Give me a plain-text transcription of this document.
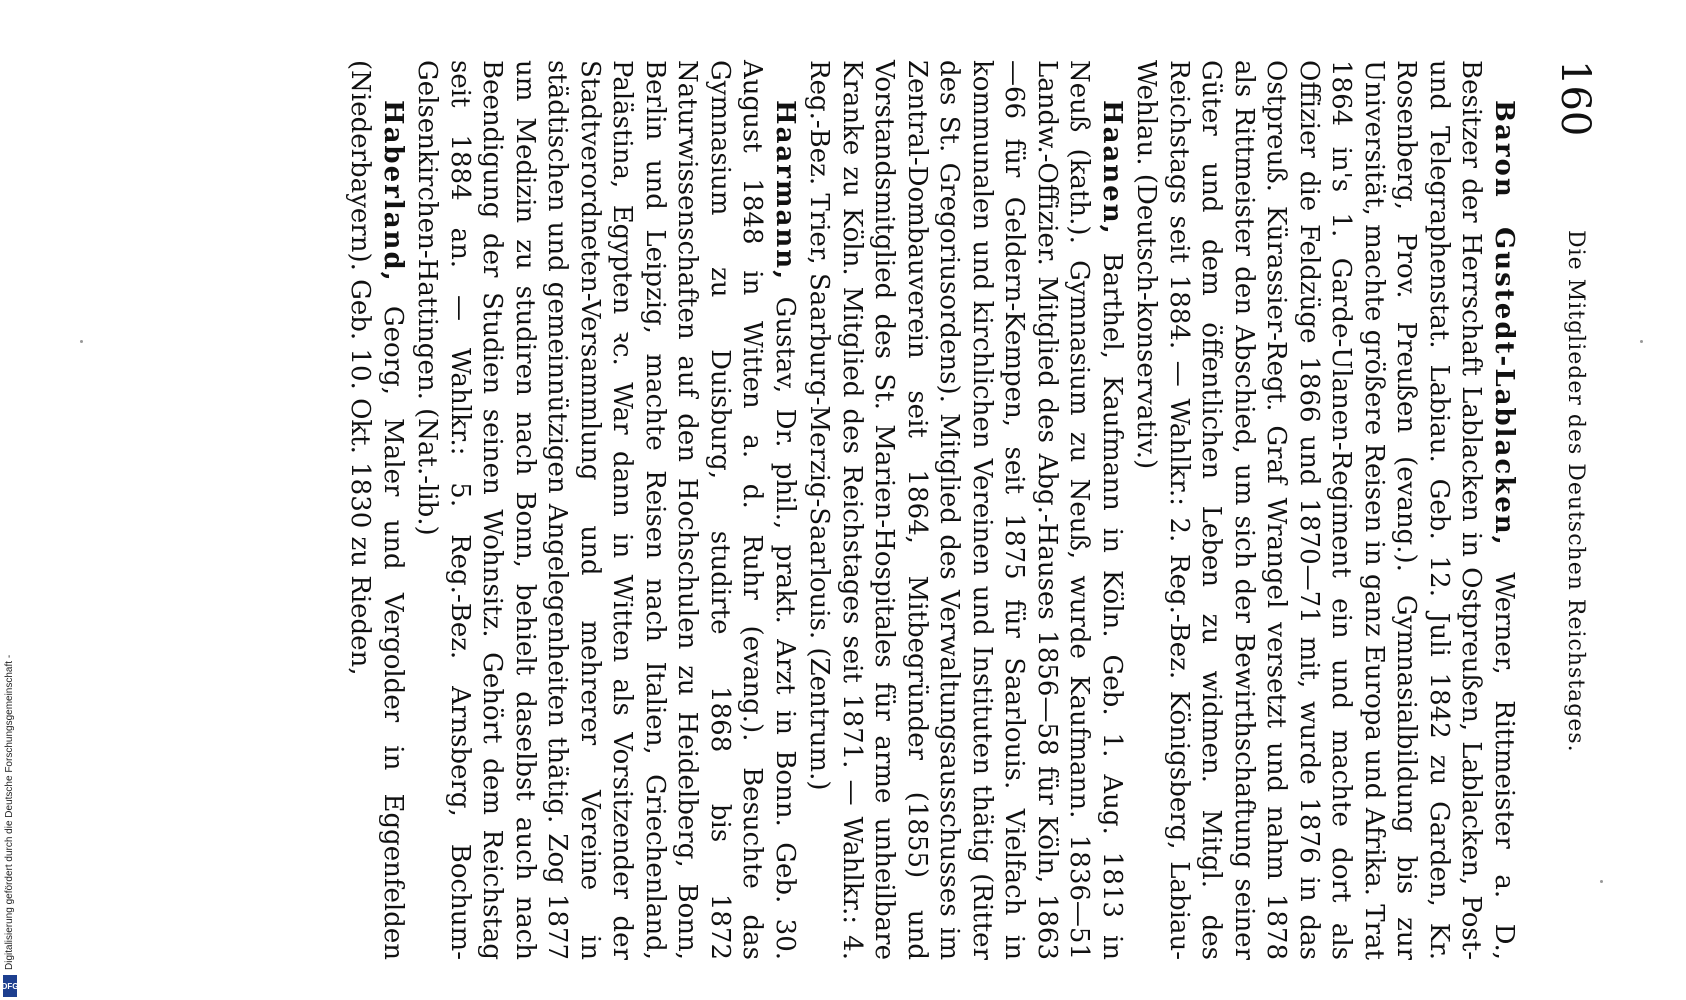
160
Die Mitglieder des Deutschen Reichstages.

Baron Gustedt-Lablacken, Werner, Rittmeister a. D., Besitzer der Herrschaft Lablacken in Ostpreußen, Lablacken, Post- und Telegraphenstat. Labiau. Geb. 12. Juli 1842 zu Garden, Kr. Rosenberg, Prov. Preußen (evang.). Gymnasialbildung bis zur Universität, machte größere Reisen in ganz Europa und Afrika. Trat 1864 in's 1. Garde-Ulanen-Regiment ein und machte dort als Offizier die Feldzüge 1866 und 1870—71 mit, wurde 1876 in das Ostpreuß. Kürassier-Regt. Graf Wrangel versetzt und nahm 1878 als Rittmeister den Abschied, um sich der Bewirthschaftung seiner Güter und dem öffentlichen Leben zu widmen. Mitgl. des Reichstags seit 1884. — Wahlkr.: 2. Reg.-Bez. Königsberg, Labiau-Wehlau. (Deutsch-konservativ.)

Haanen, Barthel, Kaufmann in Köln. Geb. 1. Aug. 1813 in Neuß (kath.). Gymnasium zu Neuß, wurde Kaufmann. 1836—51 Landw.-Offizier. Mitglied des Abg.-Hauses 1856—58 für Köln, 1863—66 für Geldern-Kempen, seit 1875 für Saarlouis. Vielfach in kommunalen und kirchlichen Vereinen und Instituten thätig (Ritter des St. Gregoriusordens). Mitglied des Verwaltungsausschusses im Zentral-Dombauverein seit 1864, Mitbegründer (1855) und Vorstandsmitglied des St. Marien-Hospitales für arme unheilbare Kranke zu Köln. Mitglied des Reichstages seit 1871. — Wahlkr.: 4. Reg.-Bez. Trier, Saarburg-Merzig-Saarlouis. (Zentrum.)

Haarmann, Gustav, Dr. phil., prakt. Arzt in Bonn. Geb. 30. August 1848 in Witten a. d. Ruhr (evang.). Besuchte das Gymnasium zu Duisburg, studirte 1868 bis 1872 Naturwissenschaften auf den Hochschulen zu Heidelberg, Bonn, Berlin und Leipzig, machte Reisen nach Italien, Griechenland, Palästina, Egypten ꝛc. War dann in Witten als Vorsitzender der Stadtverordneten-Versammlung und mehrerer Vereine in städtischen und gemeinnützigen Angelegenheiten thätig. Zog 1877 um Medizin zu studiren nach Bonn, behielt daselbst auch nach Beendigung der Studien seinen Wohnsitz. Gehört dem Reichstag seit 1884 an. — Wahlkr.: 5. Reg.-Bez. Arnsberg, Bochum-Gelsenkirchen-Hattingen. (Nat.-lib.)

Haberland, Georg, Maler und Vergolder in Eggenfelden (Niederbayern). Geb. 10. Okt. 1830 zu Rieden,

Digitalisierung gefördert durch die Deutsche Forschungsgemeinschaft -
DFG
